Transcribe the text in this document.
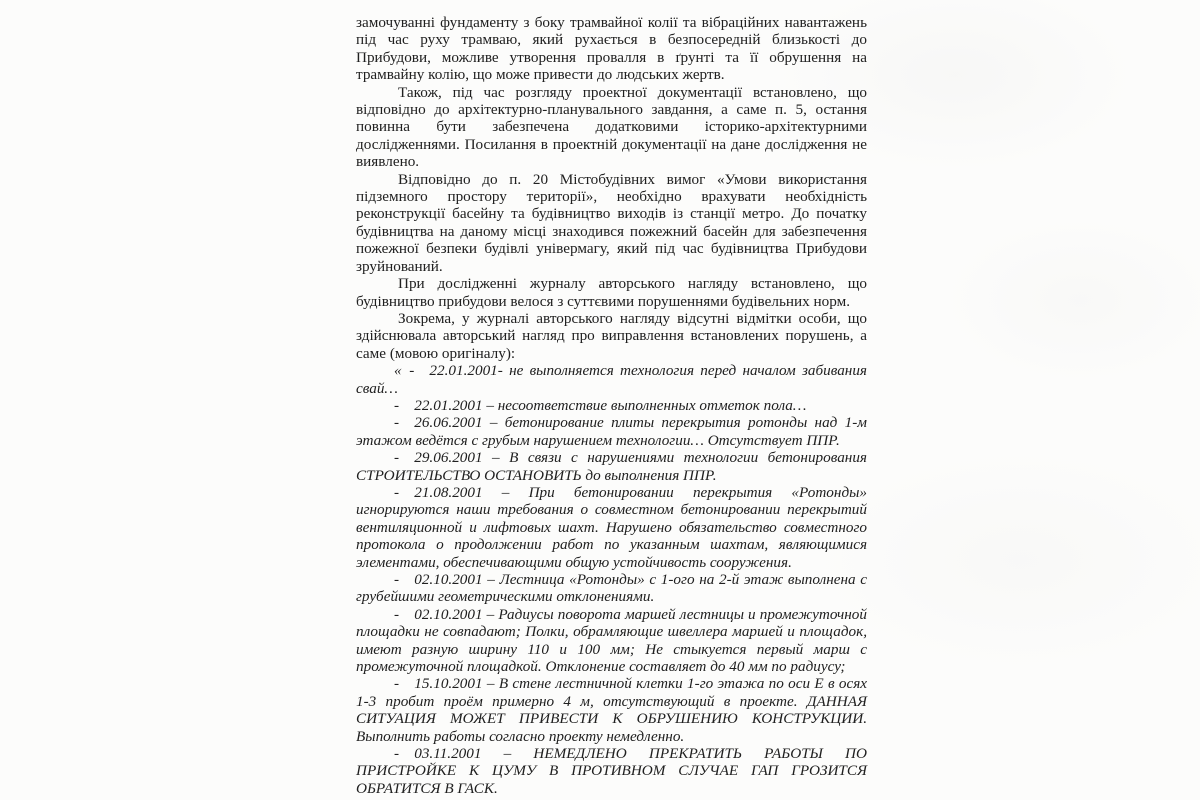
замочуванні фундаменту з боку трамвайної колії та вібраційних навантажень під час руху трамваю, який рухається в безпосередній близькості до Прибудови, можливе утворення провалля в ґрунті та її обрушення на трамвайну колію, що може привести до людських жертв.

Також, під час розгляду проектної документації встановлено, що відповідно до архітектурно-планувального завдання, а саме п. 5, остання повинна бути забезпечена додатковими історико-архітектурними дослідженнями. Посилання в проектній документації на дане дослідження не виявлено.

Відповідно до п. 20 Містобудівних вимог «Умови використання підземного простору території», необхідно врахувати необхідність реконструкції басейну та будівництво виходів із станції метро. До початку будівництва на даному місці знаходився пожежний басейн для забезпечення пожежної безпеки будівлі універмагу, який під час будівництва Прибудови зруйнований.

При дослідженні журналу авторського нагляду встановлено, що будівництво прибудови велося з суттєвими порушеннями будівельних норм.

Зокрема, у журналі авторського нагляду відсутні відмітки особи, що здійснювала авторський нагляд про виправлення встановлених порушень, а саме (мовою оригіналу):

« -  22.01.2001- не выполняется технология перед началом забивания свай…

-  22.01.2001 – несоответствие выполненных отметок пола…

-  26.06.2001 – бетонирование плиты перекрытия ротонды над 1-м этажом ведётся с грубым нарушением технологии… Отсутствует ППР.

-  29.06.2001 – В связи с нарушениями технологии бетонирования СТРОИТЕЛЬСТВО ОСТАНОВИТЬ до выполнения ППР.

-  21.08.2001 – При бетонировании перекрытия «Ротонды» игнорируются наши требования о совместном бетонировании перекрытий вентиляционной и лифтовых шахт. Нарушено обязательство совместного протокола о продолжении работ по указанным шахтам, являющимися элементами, обеспечивающими общую устойчивость сооружения.

-  02.10.2001 – Лестница «Ротонды» с 1-ого на 2-й этаж выполнена с грубейшими геометрическими отклонениями.

-  02.10.2001 – Радиусы поворота маршей лестницы и промежуточной площадки не совпадают; Полки, обрамляющие швеллера маршей и площадок, имеют разную ширину 110 и 100 мм; Не стыкуется первый марш с промежуточной площадкой. Отклонение составляет до 40 мм по радиусу;

-  15.10.2001 – В стене лестничной клетки 1-го этажа по оси Е в осях 1-3 пробит проём примерно 4 м, отсутствующий в проекте. ДАННАЯ СИТУАЦИЯ МОЖЕТ ПРИВЕСТИ К ОБРУШЕНИЮ КОНСТРУКЦИИ. Выполнить работы согласно проекту немедленно.

-  03.11.2001 – НЕМЕДЛЕНО ПРЕКРАТИТЬ РАБОТЫ ПО ПРИСТРОЙКЕ К ЦУМУ В ПРОТИВНОМ СЛУЧАЕ ГАП ГРОЗИТСЯ ОБРАТИТСЯ В ГАСК.
